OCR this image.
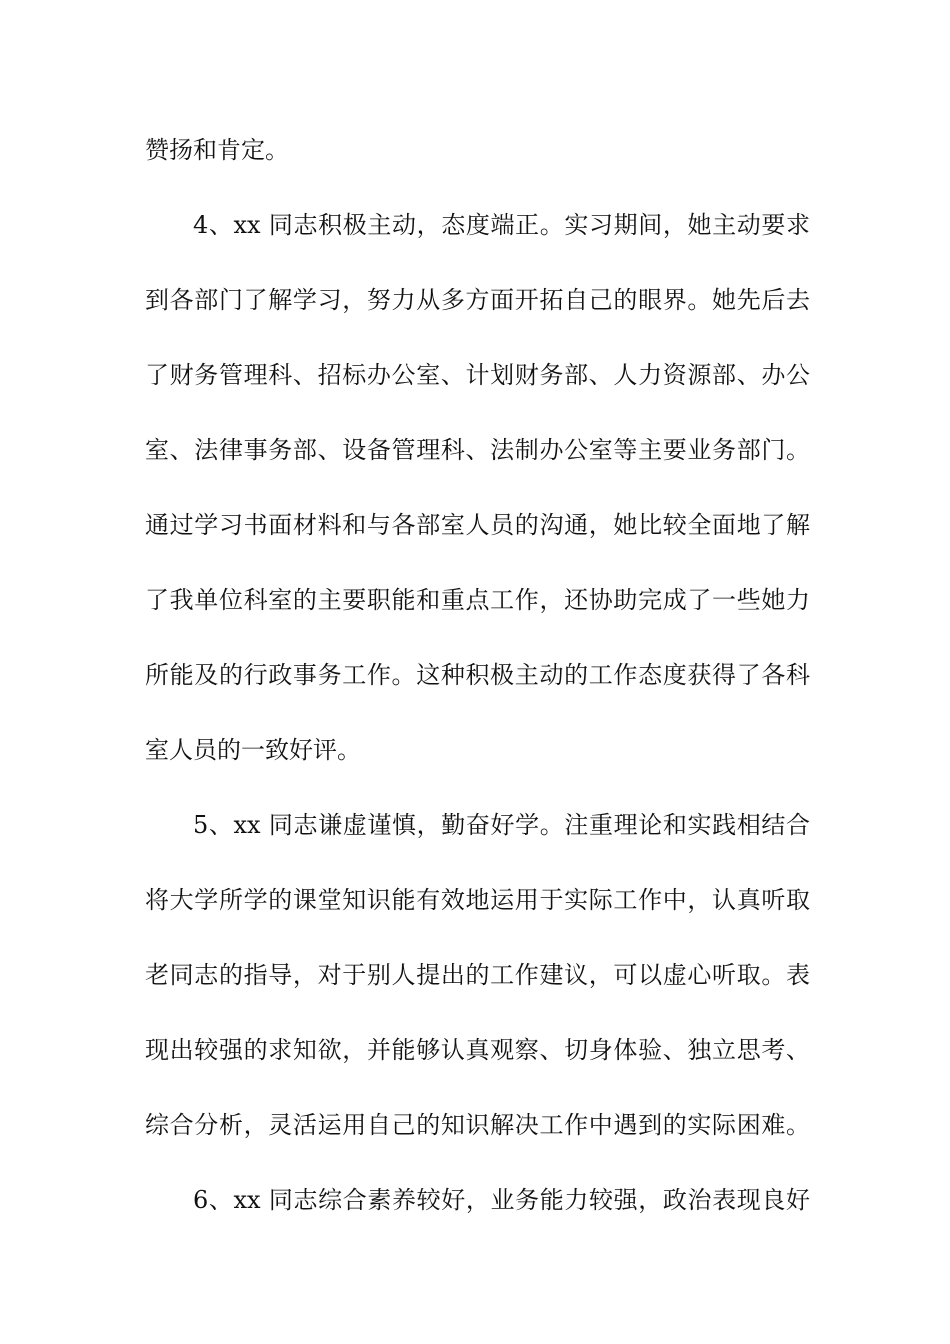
赞扬和肯定。
4、xx 同志积极主动，态度端正。实习期间，她主动要求
到各部门了解学习，努力从多方面开拓自己的眼界。她先后去
了财务管理科、招标办公室、计划财务部、人力资源部、办公
室、法律事务部、设备管理科、法制办公室等主要业务部门。
通过学习书面材料和与各部室人员的沟通，她比较全面地了解
了我单位科室的主要职能和重点工作，还协助完成了一些她力
所能及的行政事务工作。这种积极主动的工作态度获得了各科
室人员的一致好评。
5、xx 同志谦虚谨慎，勤奋好学。注重理论和实践相结合
将大学所学的课堂知识能有效地运用于实际工作中，认真听取
老同志的指导，对于别人提出的工作建议，可以虚心听取。表
现出较强的求知欲，并能够认真观察、切身体验、独立思考、
综合分析，灵活运用自己的知识解决工作中遇到的实际困难。
6、xx 同志综合素养较好，业务能力较强，政治表现良好
